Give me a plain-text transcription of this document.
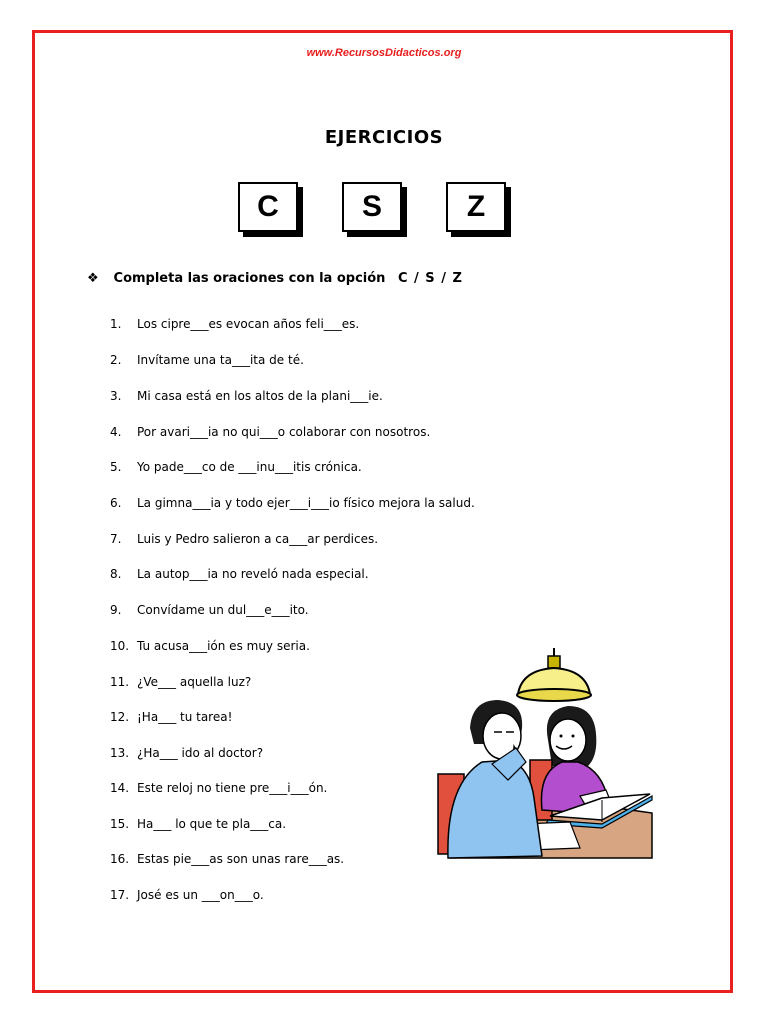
www.RecursosDidacticos.org
EJERCICIOS
C	S	Z
❖ Completa las oraciones con la opción C / S / Z
1.	Los cipre___es evocan años feli___es.
2.	Invítame una ta___ita de té.
3.	Mi casa está en los altos de la plani___ie.
4.	Por avari___ia no qui___o colaborar con nosotros.
5.	Yo pade___co de ___inu___itis crónica.
6.	La gimna___ia y todo ejer___i___io físico mejora la salud.
7.	Luis y Pedro salieron a ca___ar perdices.
8.	La autop___ia no reveló nada especial.
9.	Convídame un dul___e___ito.
10. Tu acusa___ión es muy seria.
11. ¿Ve___ aquella luz?
12. ¡Ha___ tu tarea!
13. ¿Ha___ ido al doctor?
14. Este reloj no tiene pre___i___ón.
15. Ha___ lo que te pla___ca.
16. Estas pie___as son unas rare___as.
17. José es un ___on___o.
